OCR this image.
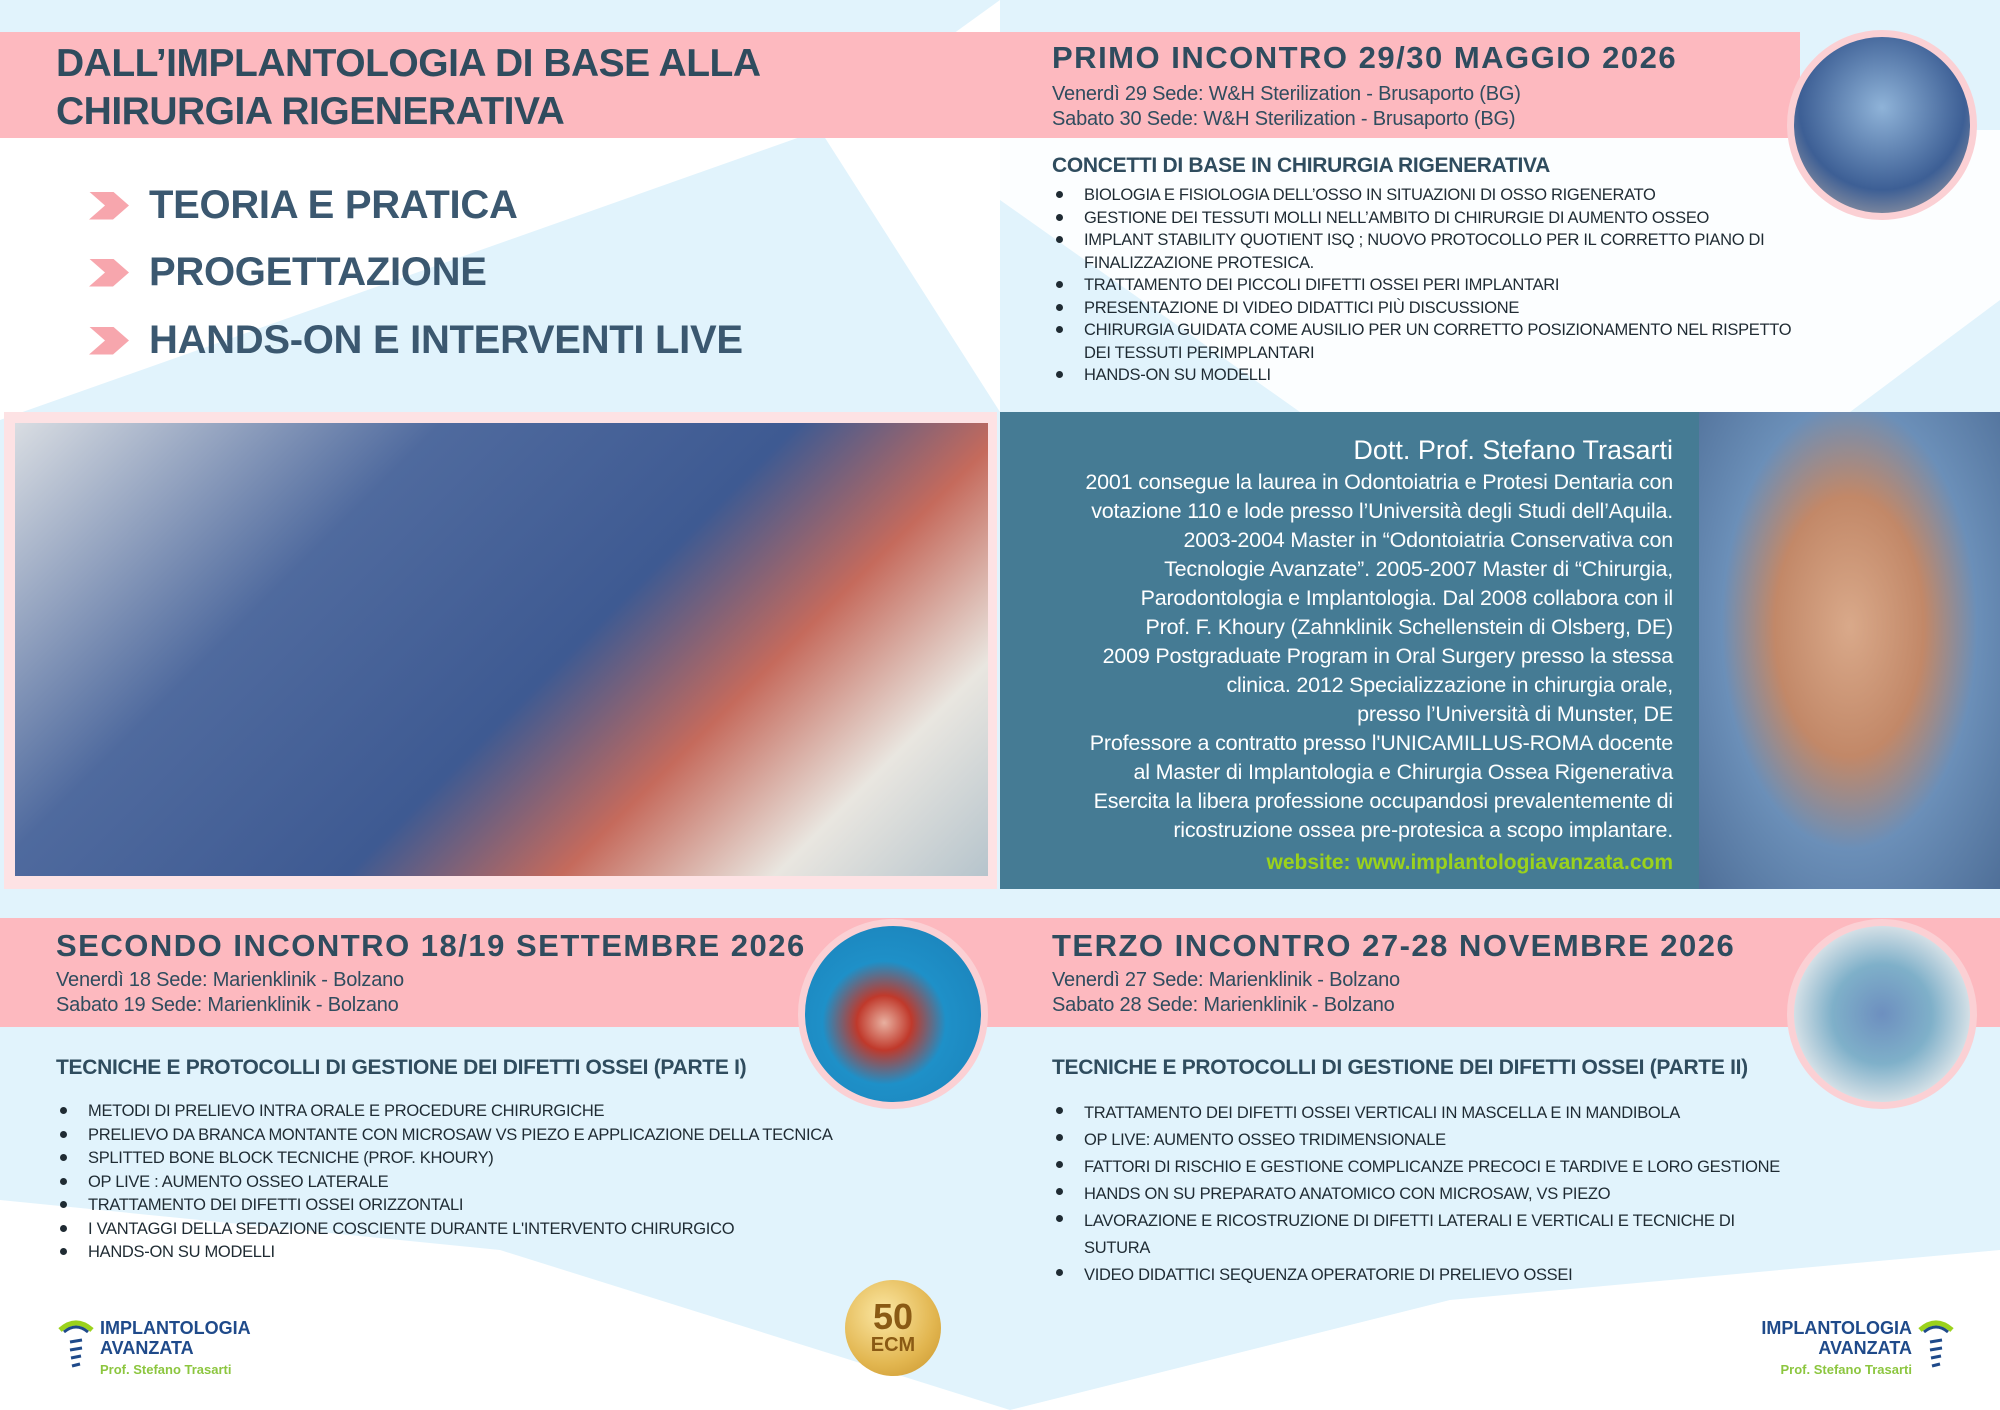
DALL’IMPLANTOLOGIA DI BASE ALLA
CHIRURGIA RIGENERATIVA
TEORIA E PRATICA
PROGETTAZIONE
HANDS-ON E INTERVENTI LIVE
PRIMO INCONTRO 29/30 MAGGIO 2026
Venerdì 29 Sede: W&H Sterilization - Brusaporto (BG)
Sabato 30 Sede: W&H Sterilization - Brusaporto (BG)
CONCETTI DI BASE IN CHIRURGIA RIGENERATIVA
BIOLOGIA E FISIOLOGIA DELL’OSSO IN SITUAZIONI DI OSSO RIGENERATO
GESTIONE DEI TESSUTI MOLLI NELL’AMBITO DI CHIRURGIE DI AUMENTO OSSEO
IMPLANT STABILITY QUOTIENT ISQ ; NUOVO PROTOCOLLO PER IL CORRETTO PIANO DI FINALIZZAZIONE PROTESICA.
TRATTAMENTO DEI PICCOLI DIFETTI OSSEI PERI IMPLANTARI
PRESENTAZIONE DI VIDEO DIDATTICI PIÙ DISCUSSIONE
CHIRURGIA GUIDATA COME AUSILIO PER UN CORRETTO POSIZIONAMENTO NEL RISPETTO DEI TESSUTI PERIMPLANTARI
HANDS-ON SU MODELLI
Dott. Prof. Stefano Trasarti
2001 consegue la laurea in Odontoiatria e Protesi Dentaria con
votazione 110 e lode presso l’Università degli Studi dell’Aquila.
2003-2004 Master in “Odontoiatria Conservativa con
Tecnologie Avanzate”. 2005-2007 Master di “Chirurgia,
Parodontologia e Implantologia. Dal 2008 collabora con il
Prof. F. Khoury (Zahnklinik Schellenstein di Olsberg, DE)
2009 Postgraduate Program in Oral Surgery presso la stessa
clinica. 2012 Specializzazione in chirurgia orale,
presso l’Università di Munster, DE
Professore a contratto presso l'UNICAMILLUS-ROMA docente
al Master di Implantologia e Chirurgia Ossea Rigenerativa
Esercita la libera professione occupandosi prevalentemente di
ricostruzione ossea pre-protesica a scopo implantare.
website: www.implantologiavanzata.com
SECONDO INCONTRO 18/19 SETTEMBRE 2026
Venerdì 18 Sede: Marienklinik - Bolzano
Sabato 19 Sede: Marienklinik - Bolzano
TECNICHE E PROTOCOLLI DI GESTIONE DEI DIFETTI OSSEI (PARTE I)
METODI DI PRELIEVO INTRA ORALE E PROCEDURE CHIRURGICHE
PRELIEVO DA BRANCA MONTANTE CON MICROSAW VS PIEZO E APPLICAZIONE DELLA TECNICA
SPLITTED BONE BLOCK TECNICHE (PROF. KHOURY)
OP LIVE : AUMENTO OSSEO LATERALE
TRATTAMENTO DEI DIFETTI OSSEI ORIZZONTALI
I VANTAGGI DELLA SEDAZIONE COSCIENTE DURANTE L'INTERVENTO CHIRURGICO
HANDS-ON SU MODELLI
TERZO INCONTRO 27-28 NOVEMBRE 2026
Venerdì 27 Sede: Marienklinik - Bolzano
Sabato 28 Sede: Marienklinik - Bolzano
TECNICHE E PROTOCOLLI DI GESTIONE DEI DIFETTI OSSEI (PARTE II)
TRATTAMENTO DEI DIFETTI OSSEI VERTICALI IN MASCELLA E IN MANDIBOLA
OP LIVE: AUMENTO OSSEO TRIDIMENSIONALE
FATTORI DI RISCHIO E GESTIONE COMPLICANZE PRECOCI E TARDIVE E LORO GESTIONE
HANDS ON SU PREPARATO ANATOMICO CON MICROSAW, VS PIEZO
LAVORAZIONE E RICOSTRUZIONE DI DIFETTI LATERALI E VERTICALI E TECNICHE DI SUTURA
VIDEO DIDATTICI SEQUENZA OPERATORIE DI PRELIEVO OSSEI
50
ECM
IMPLANTOLOGIA
AVANZATA
Prof. Stefano Trasarti
IMPLANTOLOGIA
AVANZATA
Prof. Stefano Trasarti
